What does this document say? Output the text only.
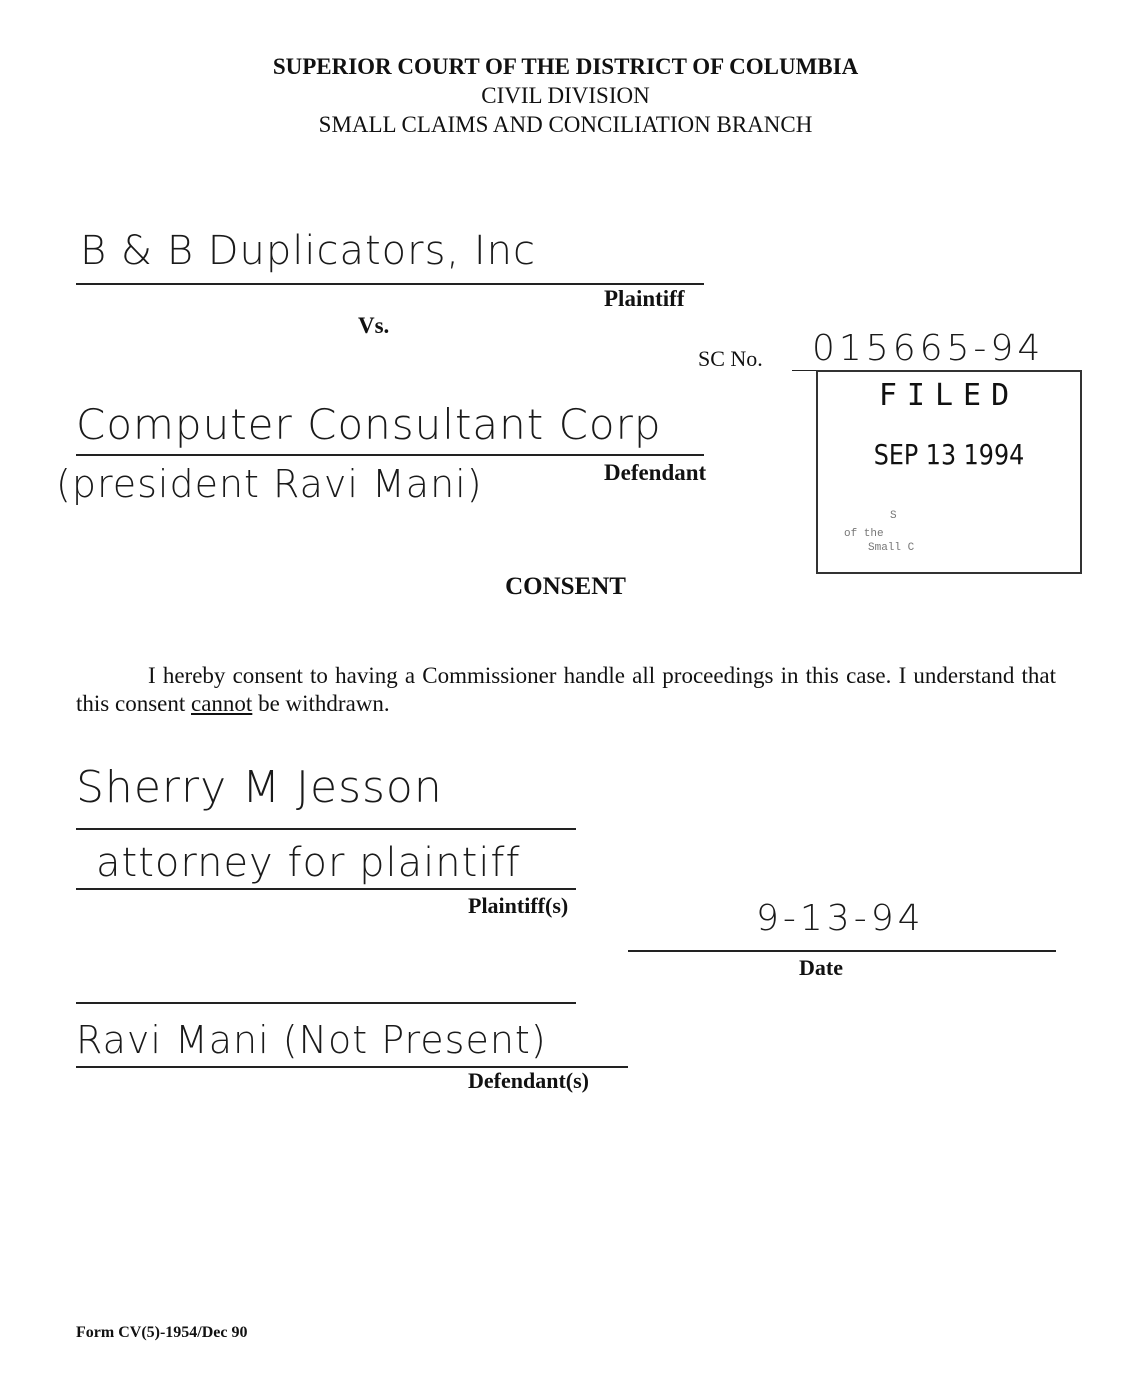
SUPERIOR COURT OF THE DISTRICT OF COLUMBIA
CIVIL DIVISION
SMALL CLAIMS AND CONCILIATION BRANCH
B & B Duplicators, Inc
Plaintiff
Vs.
SC No. 015665-94
Computer Consultant Corp
(president Ravi Mani)	Defendant
FILED
SEP 13 1994
S
of the
Small C
CONSENT
I hereby consent to having a Commissioner handle all proceedings in this case. I understand that this consent cannot be withdrawn.
Sherry M Jesson
attorney for plaintiff
Plaintiff(s)	9-13-94
Date
Ravi Mani (Not Present)
Defendant(s)
Form CV(5)-1954/Dec 90
